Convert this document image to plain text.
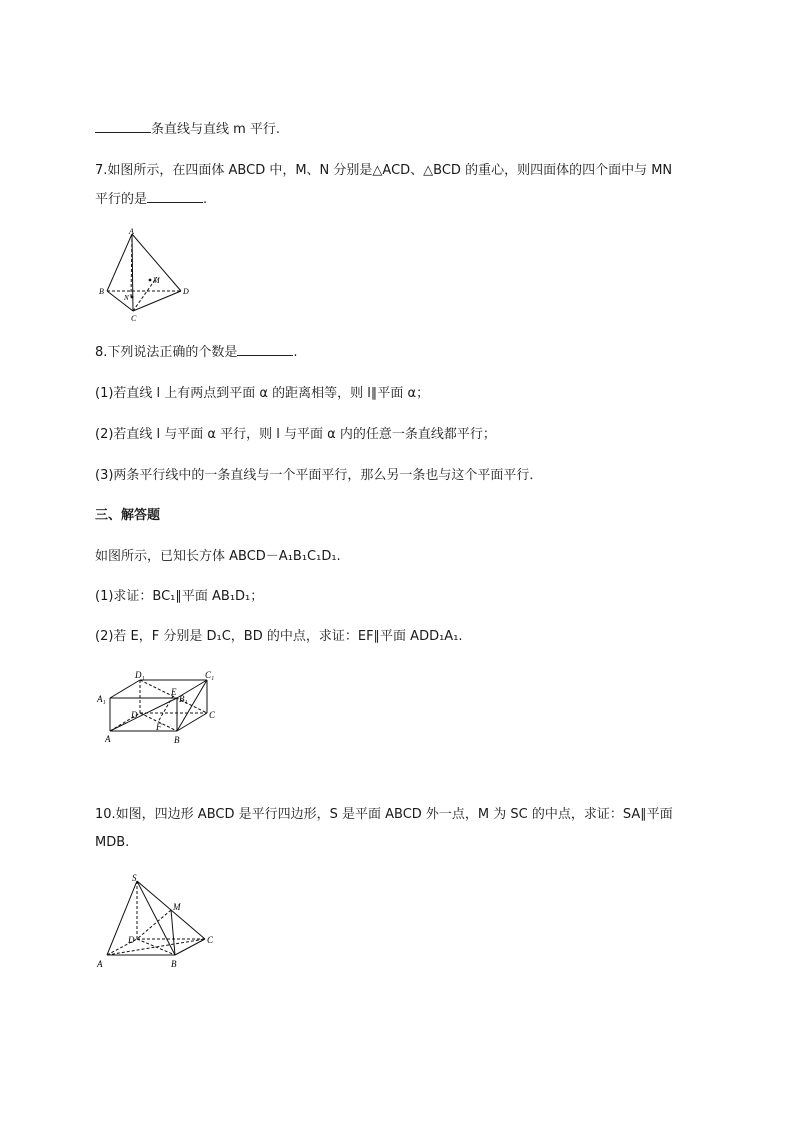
条直线与直线 m 平行.
7.如图所示，在四面体 ABCD 中，M、N 分别是△ACD、△BCD 的重心，则四面体的四个面中与 MN
平行的是	.
A
B
C
D
M
N
8.下列说法正确的个数是	.
(1)若直线 l 上有两点到平面 α 的距离相等，则 l∥平面 α；
(2)若直线 l 与平面 α 平行，则 l 与平面 α 内的任意一条直线都平行；
(3)两条平行线中的一条直线与一个平面平行，那么另一条也与这个平面平行．
三、解答题
如图所示，已知长方体 ABCD－A₁B₁C₁D₁.
(1)求证：BC₁∥平面 AB₁D₁；
(2)若 E，F 分别是 D₁C，BD 的中点，求证：EF∥平面 ADD₁A₁.
A₁
D₁	C₁
B₁
E
D	C
F
A	B
10.如图，四边形 ABCD 是平行四边形，S 是平面 ABCD 外一点，M 为 SC 的中点，求证：SA∥平面
MDB.
S
M
D	C
A	B
